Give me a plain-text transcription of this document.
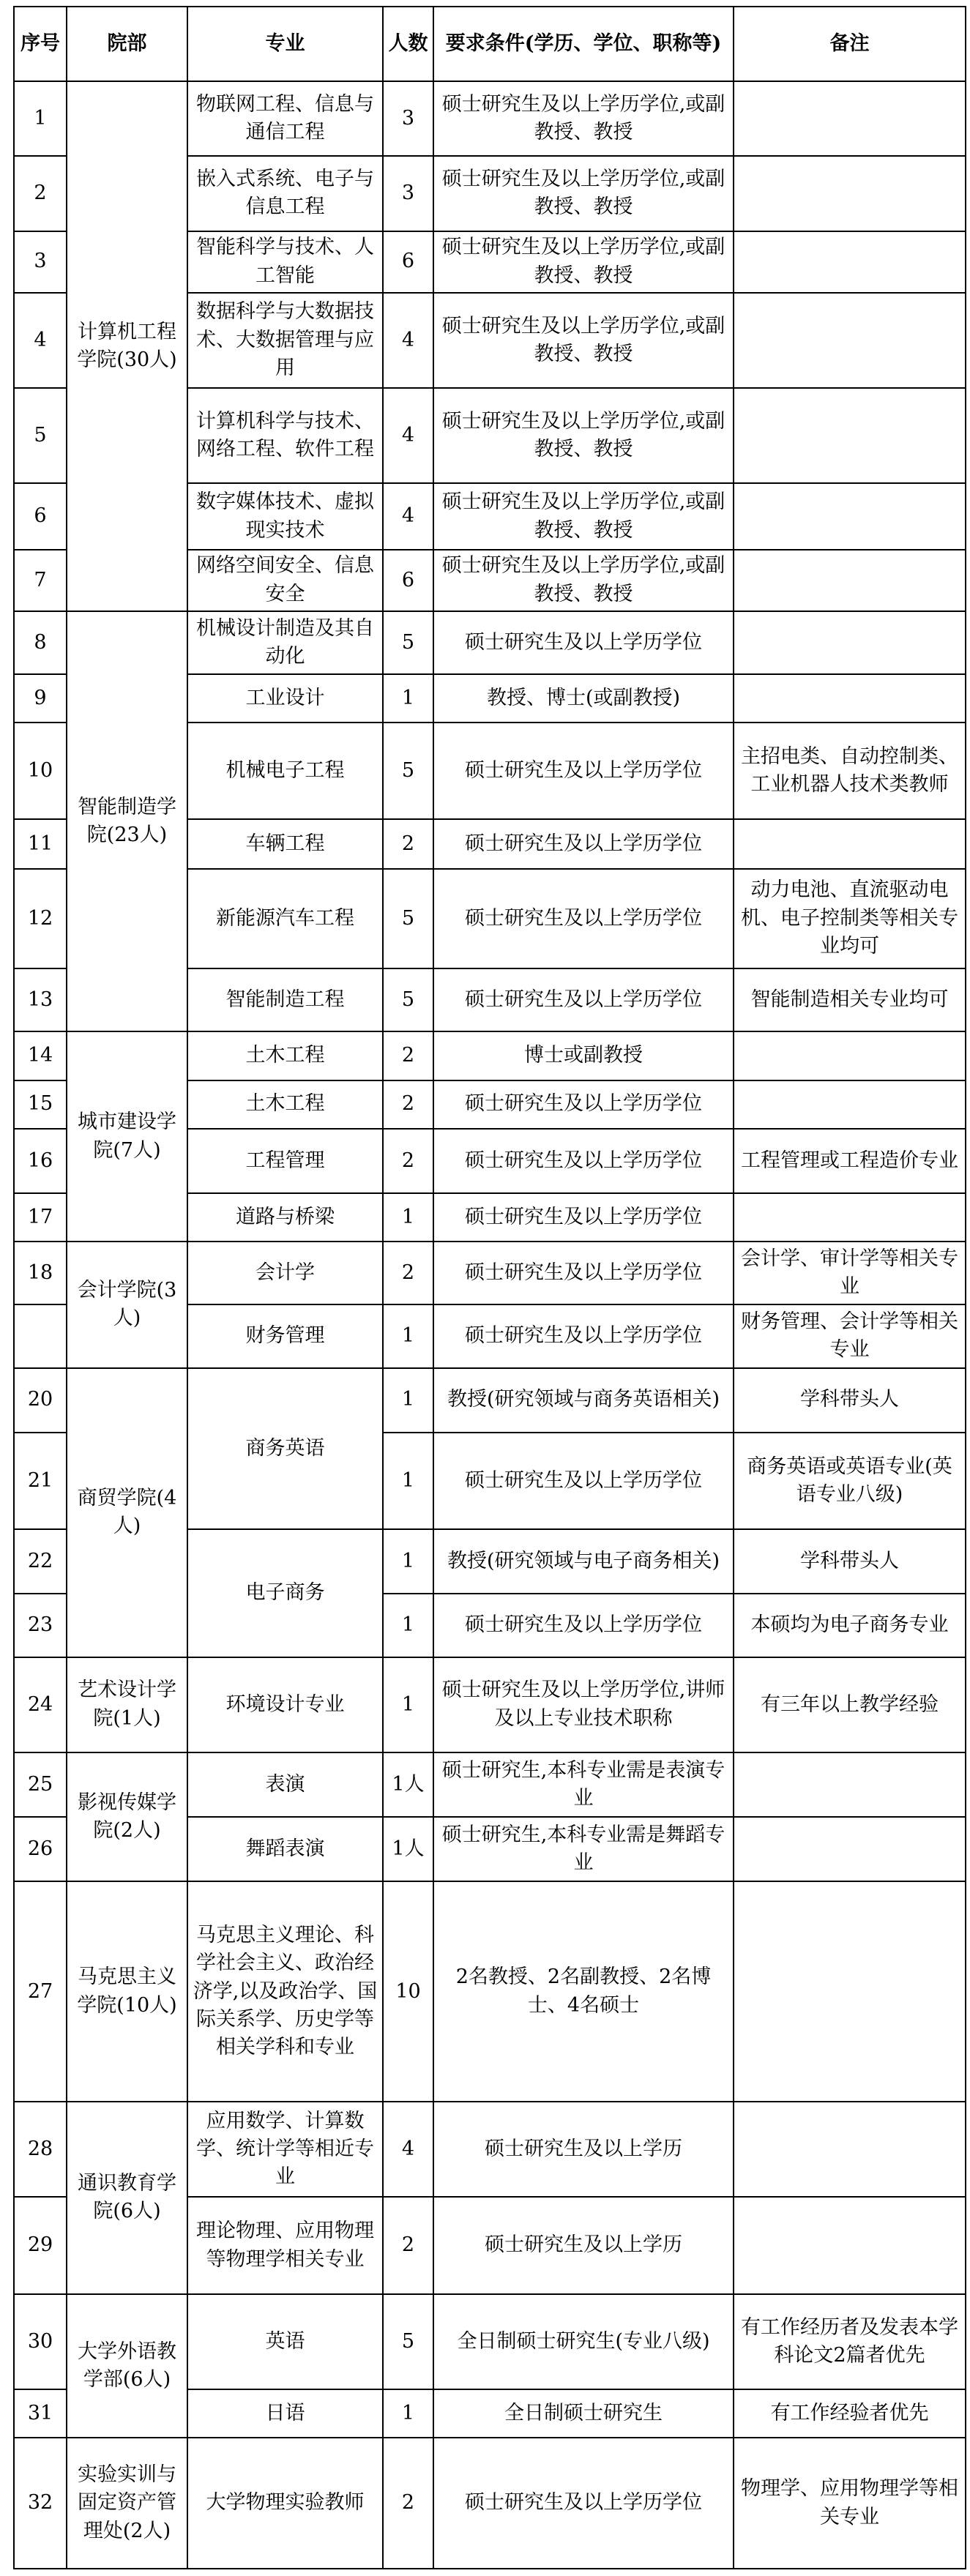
序号	院部	专业	人数	要求条件(学历、学位、职称等)	备注
1	计算机工程学院(30人)	物联网工程、信息与通信工程	3	硕士研究生及以上学历学位,或副教授、教授	
2		嵌入式系统、电子与信息工程	3	硕士研究生及以上学历学位,或副教授、教授	
3		智能科学与技术、人工智能	6	硕士研究生及以上学历学位,或副教授、教授	
4		数据科学与大数据技术、大数据管理与应用	4	硕士研究生及以上学历学位,或副教授、教授	
5		计算机科学与技术、网络工程、软件工程	4	硕士研究生及以上学历学位,或副教授、教授	
6		数字媒体技术、虚拟现实技术	4	硕士研究生及以上学历学位,或副教授、教授	
7		网络空间安全、信息安全	6	硕士研究生及以上学历学位,或副教授、教授	
8	智能制造学院(23人)	机械设计制造及其自动化	5	硕士研究生及以上学历学位	
9		工业设计	1	教授、博士(或副教授)	
10		机械电子工程	5	硕士研究生及以上学历学位	主招电类、自动控制类、工业机器人技术类教师
11		车辆工程	2	硕士研究生及以上学历学位	
12		新能源汽车工程	5	硕士研究生及以上学历学位	动力电池、直流驱动电机、电子控制类等相关专业均可
13		智能制造工程	5	硕士研究生及以上学历学位	智能制造相关专业均可
14	城市建设学院(7人)	土木工程	2	博士或副教授	
15		土木工程	2	硕士研究生及以上学历学位	
16		工程管理	2	硕士研究生及以上学历学位	工程管理或工程造价专业
17		道路与桥梁	1	硕士研究生及以上学历学位	
18	会计学院(3人)	会计学	2	硕士研究生及以上学历学位	会计学、审计学等相关专业
		财务管理	1	硕士研究生及以上学历学位	财务管理、会计学等相关专业
20	商贸学院(4人)	商务英语	1	教授(研究领域与商务英语相关)	学科带头人
21			1	硕士研究生及以上学历学位	商务英语或英语专业(英语专业八级)
22		电子商务	1	教授(研究领域与电子商务相关)	学科带头人
23			1	硕士研究生及以上学历学位	本硕均为电子商务专业
24	艺术设计学院(1人)	环境设计专业	1	硕士研究生及以上学历学位,讲师及以上专业技术职称	有三年以上教学经验
25	影视传媒学院(2人)	表演	1人	硕士研究生,本科专业需是表演专业	
26		舞蹈表演	1人	硕士研究生,本科专业需是舞蹈专业	
27	马克思主义学院(10人)	马克思主义理论、科学社会主义、政治经济学,以及政治学、国际关系学、历史学等相关学科和专业	10	2名教授、2名副教授、2名博士、4名硕士	
28	通识教育学院(6人)	应用数学、计算数学、统计学等相近专业	4	硕士研究生及以上学历	
29		理论物理、应用物理等物理学相关专业	2	硕士研究生及以上学历	
30	大学外语教学部(6人)	英语	5	全日制硕士研究生(专业八级)	有工作经历者及发表本学科论文2篇者优先
31		日语	1	全日制硕士研究生	有工作经验者优先
32	实验实训与固定资产管理处(2人)	大学物理实验教师	2	硕士研究生及以上学历学位	物理学、应用物理学等相关专业
